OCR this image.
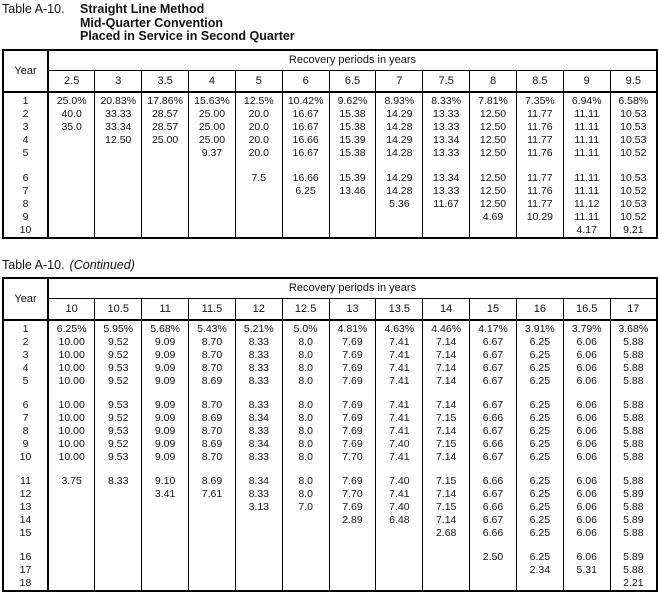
Table A-10.	Straight Line Method
Mid-Quarter Convention
Placed in Service in Second Quarter
Year	Recovery periods in years												
	2.5	3	3.5	4	5	6	6.5	7	7.5	8	8.5	9	9.5
1	25.0%	20.83%	17.86%	15.63%	12.5%	10.42%	9.62%	8.93%	8.33%	7.81%	7.35%	6.94%	6.58%
2	40.0	33.33	28.57	25.00	20.0	16.67	15.38	14.29	13.33	12.50	11.77	11.11	10.53
3	35.0	33.34	28.57	25.00	20.0	16.67	15.38	14.28	13.33	12.50	11.76	11.11	10.53
4		12.50	25.00	25.00	20.0	16.66	15.39	14.29	13.34	12.50	11.77	11.11	10.53
5				9.37	20.0	16.67	15.38	14.28	13.33	12.50	11.76	11.11	10.52

6					7.5	16.66	15.39	14.29	13.34	12.50	11.77	11.11	10.53
7						6.25	13.46	14.28	13.33	12.50	11.76	11.11	10.52
8								5.36	11.67	12.50	11.77	11.12	10.53
9										4.69	10.29	11.11	10.52
10												4.17	9.21
Table A-10. (Continued)
Year	Recovery periods in years												
	10	10.5	11	11.5	12	12.5	13	13.5	14	15	16	16.5	17
1	6.25%	5.95%	5.68%	5.43%	5.21%	5.0%	4.81%	4.63%	4.46%	4.17%	3.91%	3.79%	3.68%
2	10.00	9.52	9.09	8.70	8.33	8.0	7.69	7.41	7.14	6.67	6.25	6.06	5.88
3	10.00	9.52	9.09	8.70	8.33	8.0	7.69	7.41	7.14	6.67	6.25	6.06	5.88
4	10.00	9.53	9.09	8.70	8.33	8.0	7.69	7.41	7.14	6.67	6.25	6.06	5.88
5	10.00	9.52	9.09	8.69	8.33	8.0	7.69	7.41	7.14	6.67	6.25	6.06	5.88

6	10.00	9.53	9.09	8.70	8.33	8.0	7.69	7.41	7.14	6.67	6.25	6.06	5.88
7	10.00	9.52	9.09	8.69	8.34	8.0	7.69	7.41	7.15	6.66	6.25	6.06	5.88
8	10.00	9.53	9.09	8.70	8.33	8.0	7.69	7.41	7.14	6.67	6.25	6.06	5.88
9	10.00	9.52	9.09	8.69	8.34	8.0	7.69	7.40	7.15	6.66	6.25	6.06	5.88
10	10.00	9.53	9.09	8.70	8.33	8.0	7.70	7.41	7.14	6.67	6.25	6.06	5.88

11	3.75	8.33	9.10	8.69	8.34	8.0	7.69	7.40	7.15	6.66	6.25	6.06	5.88
12			3.41	7.61	8.33	8.0	7.70	7.41	7.14	6.67	6.25	6.06	5.89
13					3.13	7.0	7.69	7.40	7.15	6.66	6.25	6.06	5.88
14							2.89	6.48	7.14	6.67	6.25	6.06	5.89
15									2.68	6.66	6.25	6.06	5.88

16										2.50	6.25	6.06	5.89
17											2.34	5.31	5.88
18													2.21
